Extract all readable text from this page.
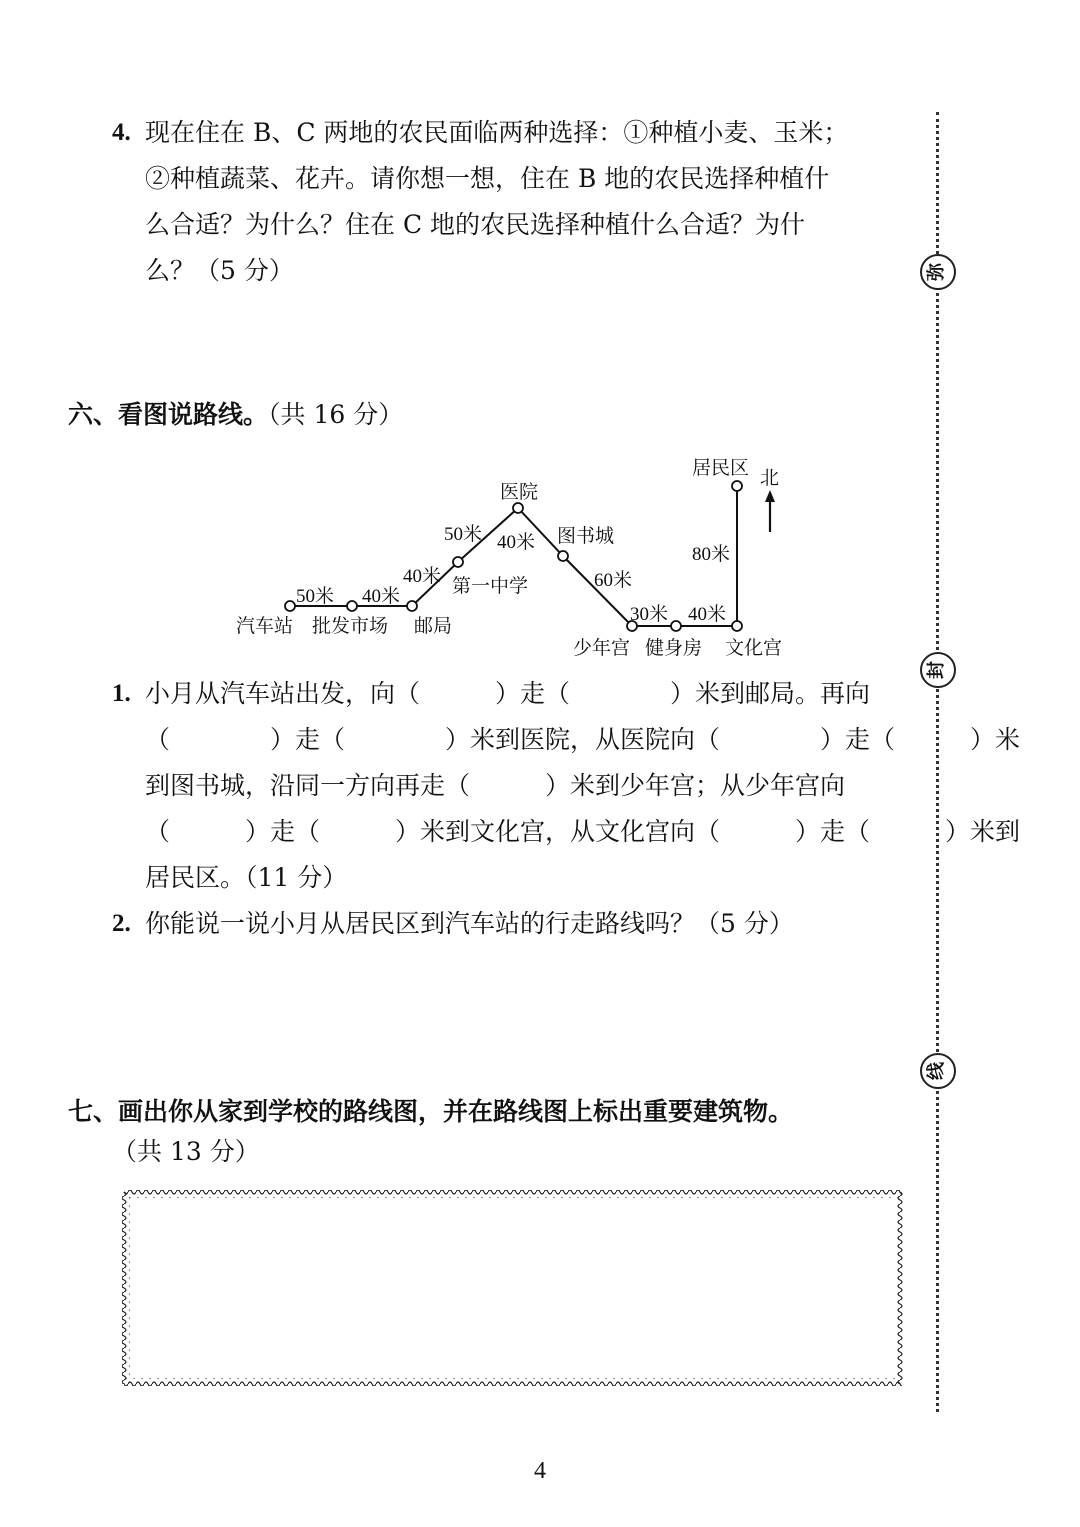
弥
封
线
4. 现在住在 B、C 两地的农民面临两种选择：①种植小麦、玉米；
②种植蔬菜、花卉。请你想一想，住在 B 地的农民选择种植什
么合适？为什么？住在 C 地的农民选择种植什么合适？为什
么？（5 分）
六、看图说路线。（共 16 分）
汽车站 批发市场 邮局
第一中学
医院
图书城
少年宫 健身房 文化宫
居民区
50米 40米
40米
50米 40米
60米
30米 40米
80米
北
1. 小月从汽车站出发，向（　　　）走（　　　　）米到邮局。再向
（　　　　）走（　　　　）米到医院，从医院向（　　　　）走（　　　）米
到图书城，沿同一方向再走（　　　）米到少年宫；从少年宫向
（　　　）走（　　　）米到文化宫，从文化宫向（　　　）走（　　　）米到
居民区。（11 分）
2. 你能说一说小月从居民区到汽车站的行走路线吗？（5 分）
七、画出你从家到学校的路线图，并在路线图上标出重要建筑物。
（共 13 分）
4
